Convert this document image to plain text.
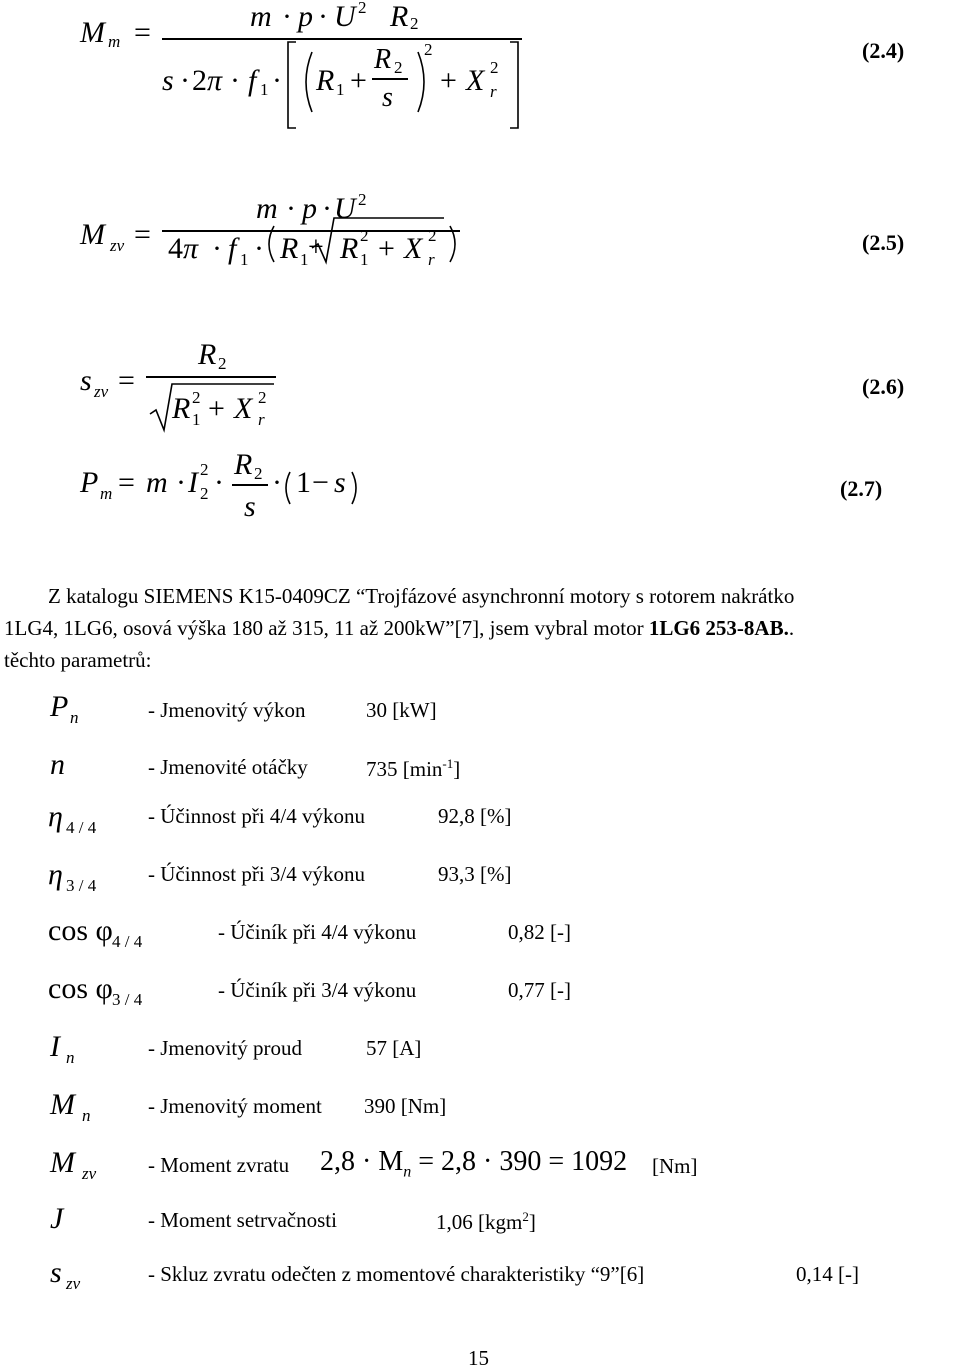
M m =	m · p · U 2 R 2
s · 2π · f 1 · R 1 +
R 2
s
2
+ X 2
r
(2.4)
M zv =
m · p · U 2
4π · f 1 · R 1
R 2
1 + X 2
r
+	(2.5)
s zv =
R 2
R 2
1 + X 2
r
(2.6)
P m = m · I 2
2 ·
R 2
s
· 1 − s	(2.7)
Z katalogu SIEMENS K15-0409CZ “Trojfázové asynchronní motory s rotorem nakrátko
1LG4, 1LG6, osová výška 180 až 315, 11 až 200kW”[7], jsem vybral motor 1LG6 253-8AB..
těchto parametrů:
P n	- Jmenovitý výkon	30 [kW]
n	- Jmenovité otáčky	735 $[\min^{-1}]$
η 4 / 4 - Účinnost při 4/4 výkonu	92,8 [%]
η 3 / 4 - Účinnost při 3/4 výkonu	93,3 [%]
cos φ 4 / 4	- Účiník při 4/4 výkonu	0,82 [-]
cos φ 3 / 4	- Účiník při 3/4 výkonu	0,77 [-]
I n	- Jmenovitý proud	57 [A]
M n	- Jmenovitý moment 390 [Nm]
M zv - Moment zvratu $2,8 \cdot M_n = 2,8 \cdot 390 = 1092$ [Nm]
J	- Moment setrvačnosti	1,06 [kgm$^2$]
s zv	- Skluz zvratu odečten z momentové charakteristiky “9”[6]	0,14 [-]
15
